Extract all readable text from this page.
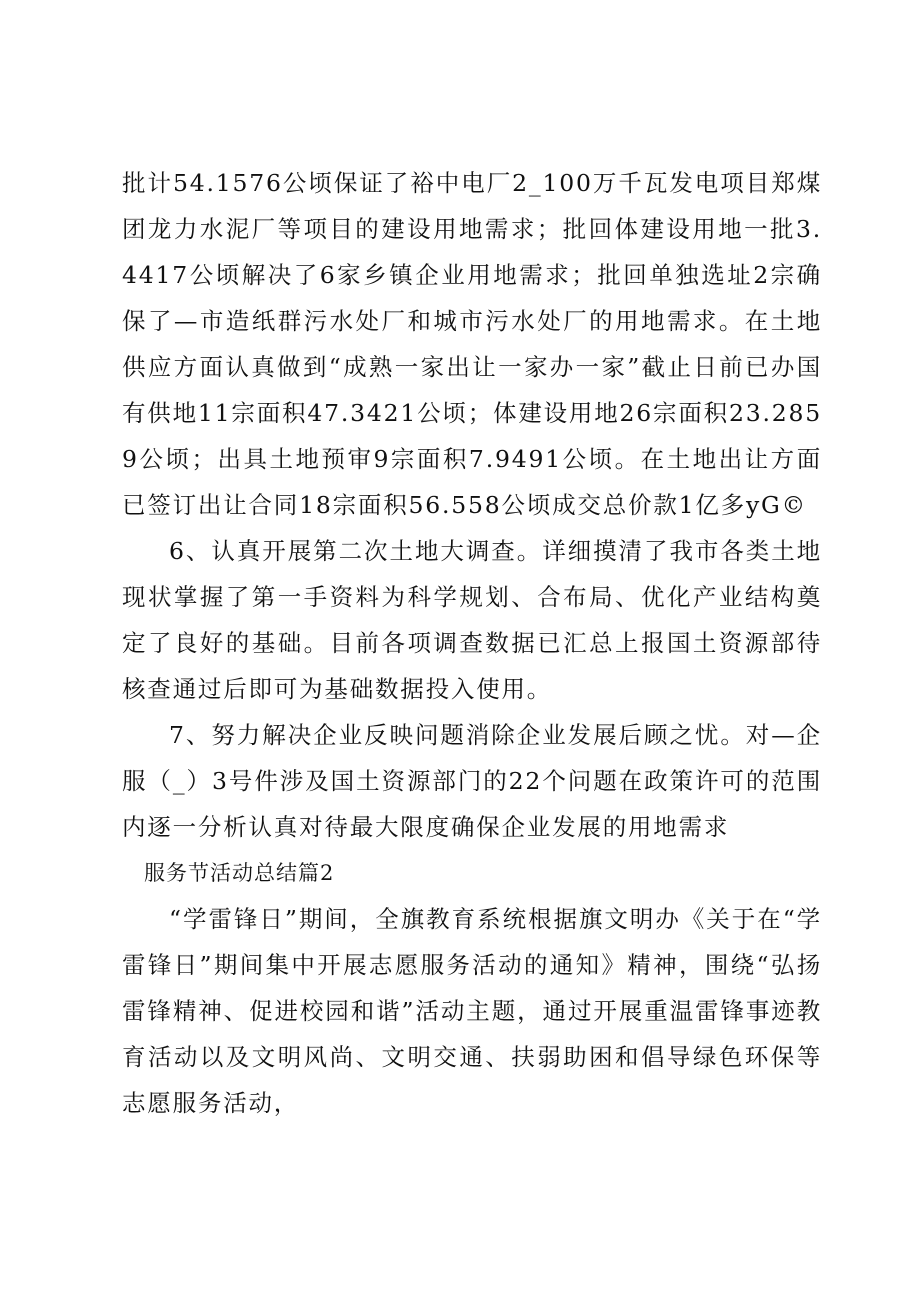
批计54.1576公顷保证了裕中电厂2_100万千瓦发电项目郑煤团龙力水泥厂等项目的建设用地需求；批回体建设用地一批3.4417公顷解决了6家乡镇企业用地需求；批回单独选址2宗确保了—市造纸群污水处厂和城市污水处厂的用地需求。在土地供应方面认真做到“成熟一家出让一家办一家”截止日前已办国有供地11宗面积47.3421公顷；体建设用地26宗面积23.2859公顷；出具土地预审9宗面积7.9491公顷。在土地出让方面已签订出让合同18宗面积56.558公顷成交总价款1亿多yG©

6、认真开展第二次土地大调查。详细摸清了我市各类土地现状掌握了第一手资料为科学规划、合布局、优化产业结构奠定了良好的基础。目前各项调查数据已汇总上报国土资源部待核查通过后即可为基础数据投入使用。

7、努力解决企业反映问题消除企业发展后顾之忧。对—企服（_）3号件涉及国土资源部门的22个问题在政策许可的范围内逐一分析认真对待最大限度确保企业发展的用地需求

服务节活动总结篇2

“学雷锋日”期间，全旗教育系统根据旗文明办《关于在“学雷锋日”期间集中开展志愿服务活动的通知》精神，围绕“弘扬雷锋精神、促进校园和谐”活动主题，通过开展重温雷锋事迹教育活动以及文明风尚、文明交通、扶弱助困和倡导绿色环保等志愿服务活动，
